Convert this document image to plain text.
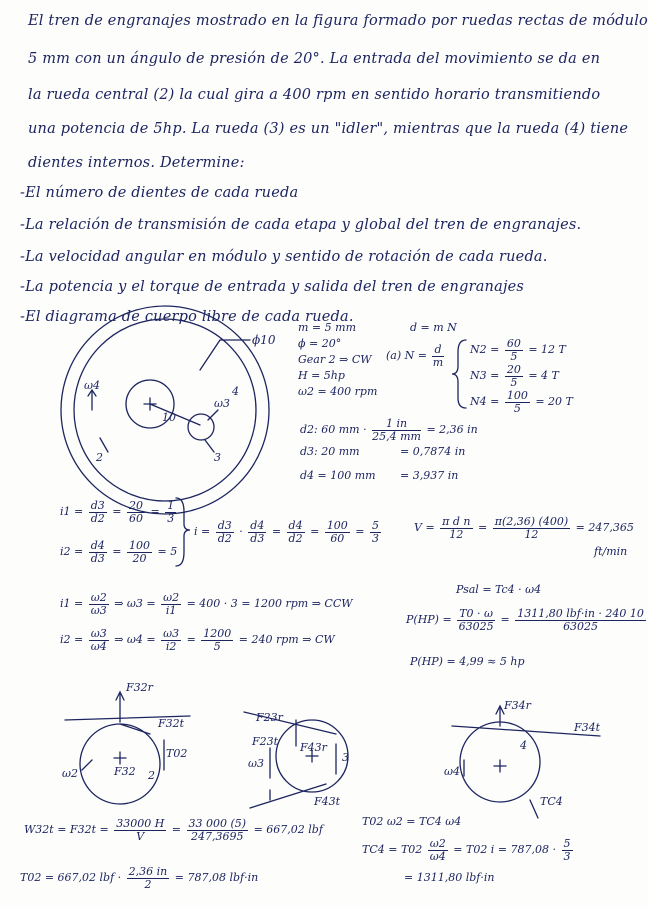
El tren de engranajes mostrado en la figura formado por ruedas rectas de módulo
5 mm con un ángulo de presión de 20°. La entrada del movimiento se da en
la rueda central (2) la cual gira a 400 rpm en sentido horario transmitiendo
una potencia de 5hp. La rueda (3) es un "idler", mientras que la rueda (4) tiene
dientes internos. Determine:
-El número de dientes de cada rueda
-La relación de transmisión de cada etapa y global del tren de engranajes.
-La velocidad angular en módulo y sentido de rotación de cada rueda.
-La potencia y el torque de entrada y salida del tren de engranajes
-El diagrama de cuerpo libre de cada rueda.
ϕ10
ω4
ω3
10
2	3
4
m = 5 mm
ϕ = 20°
Gear 2 ⇒ CW
H = 5hp
ω2 = 400 rpm
d = m N
(a) $N = \frac{d}{m} N2 = \frac{60}{5} = 12$ T
$N3 = \frac{20}{5} = 4$ T
$N4 = \frac{100}{5} = 20$ T
d2: 60 mm · $\frac{1 in}{25,4 mm} = 2,36$ in
d3: 20 mm	= 0,7874 in
d4 = 100 mm = 3,937 in
$i1 = \frac{d3}{d2} = \frac{20}{60} = \frac{1}{3}$
$i2 = \frac{d4}{d3} = \frac{100}{20} = 5$
$i = \frac{d3}{d2} \cdot \frac{d4}{d3} = \frac{d4}{d2} = \frac{100}{60} = \frac{5}{3}$	$V = \frac{\text{π d n}}{12} = \frac{\pi(2,36) (400)}{12} = 247,365$
ft/min
$i1 = \frac{\omega 2}{\omega 3}$ ⇒ $\omega 3 = \frac{\omega 2}{i1} = 400 \cdot 3 = 1200$ rpm ⇒ CCW
$i2 = \frac{\omega 3}{\omega 4}$ ⇒ $\omega 4 = \frac{\omega 3}{i2} = \frac{1200}{5} = 240$ rpm ⇒ CW
Psal = Tc4 · ω4
$P(HP) = \frac{T0 \cdot \omega}{63025} = \frac{\text{1311,80 lbf·in · 240 10}}{63025}$
P(HP) = 4,99 ≈ 5 hp
F32r
F32t
T02
ω2	F32 2
F23r
F23t F43r
F43t
ω3	3
F34r
F34t
TC4
ω4
4
$W32t = F32t = \frac{33000 H}{V} = \frac{33 000 (5)}{247,3695} = 667,02$ lbf
T02 = 667,02 lbf · $\frac{2,36 in}{2} = 787,08$ lbf·in
T02 ω2 = TC4 ω4
$TC4 = T02 \frac{\omega 2}{\omega 4} = T02$ $i = 787,08 \cdot \frac{5}{3}$
= 1311,80 lbf·in
